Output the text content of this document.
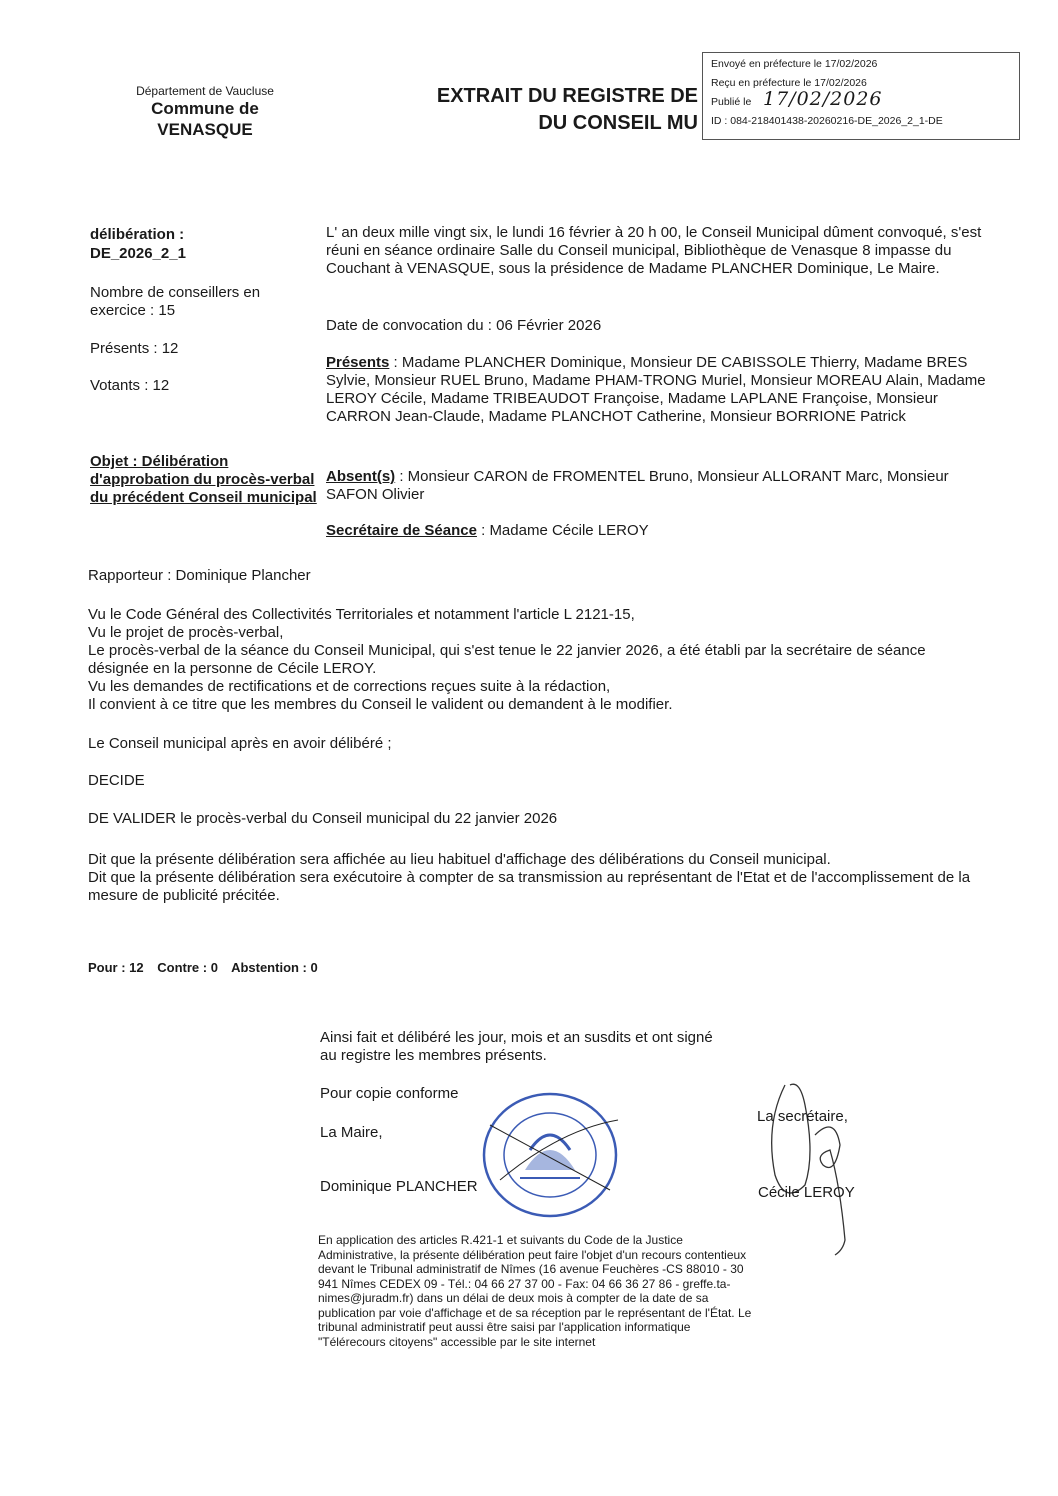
Département de Vaucluse
Commune de
VENASQUE
EXTRAIT DU REGISTRE DE
DU CONSEIL MU
Envoyé en préfecture le 17/02/2026
Reçu en préfecture le 17/02/2026
Publié le 17/02/2026
ID : 084-218401438-20260216-DE_2026_2_1-DE
délibération :
DE_2026_2_1
Nombre de conseillers en exercice : 15
Présents : 12
Votants : 12
Objet : Délibération d'approbation du procès-verbal du précédent Conseil municipal
L' an deux mille vingt six, le lundi 16 février à 20 h 00, le Conseil Municipal dûment convoqué, s'est réuni en séance ordinaire Salle du Conseil municipal, Bibliothèque de Venasque 8 impasse du Couchant à VENASQUE, sous la présidence de Madame PLANCHER Dominique, Le Maire.
Date de convocation du : 06 Février 2026
Présents : Madame PLANCHER Dominique, Monsieur DE CABISSOLE Thierry, Madame BRES Sylvie, Monsieur RUEL Bruno, Madame PHAM-TRONG Muriel, Monsieur MOREAU Alain, Madame LEROY Cécile, Madame TRIBEAUDOT Françoise, Madame LAPLANE Françoise, Monsieur CARRON Jean-Claude, Madame PLANCHOT Catherine, Monsieur BORRIONE Patrick
Absent(s) : Monsieur CARON de FROMENTEL Bruno, Monsieur ALLORANT Marc, Monsieur SAFON Olivier
Secrétaire de Séance : Madame Cécile LEROY
Rapporteur : Dominique Plancher
Vu le Code Général des Collectivités Territoriales et notamment l'article L 2121-15,
Vu le projet de procès-verbal,
Le procès-verbal de la séance du Conseil Municipal, qui s'est tenue le 22 janvier 2026, a été établi par la secrétaire de séance désignée en la personne de Cécile LEROY.
Vu les demandes de rectifications et de corrections reçues suite à la rédaction,
Il convient à ce titre que les membres du Conseil le valident ou demandent à le modifier.
Le Conseil municipal après en avoir délibéré ;
DECIDE
DE VALIDER le procès-verbal du Conseil municipal du 22 janvier 2026
Dit que la présente délibération sera affichée au lieu habituel d'affichage des délibérations du Conseil municipal.
Dit que la présente délibération sera exécutoire à compter de sa transmission au représentant de l'Etat et de l'accomplissement de la mesure de publicité précitée.
Pour : 12 Contre : 0 Abstention : 0
Ainsi fait et délibéré les jour, mois et an susdits et ont signé au registre les membres présents.
Pour copie conforme
La Maire,
Dominique PLANCHER
La secrétaire,
Cécile LEROY
En application des articles R.421-1 et suivants du Code de la Justice Administrative, la présente délibération peut faire l'objet d'un recours contentieux devant le Tribunal administratif de Nîmes (16 avenue Feuchères -CS 88010 - 30 941 Nîmes CEDEX 09 - Tél.: 04 66 27 37 00 - Fax: 04 66 36 27 86 - greffe.ta-nimes@juradm.fr) dans un délai de deux mois à compter de la date de sa publication par voie d'affichage et de sa réception par le représentant de l'État. Le tribunal administratif peut aussi être saisi par l'application informatique "Télérecours citoyens" accessible par le site internet
